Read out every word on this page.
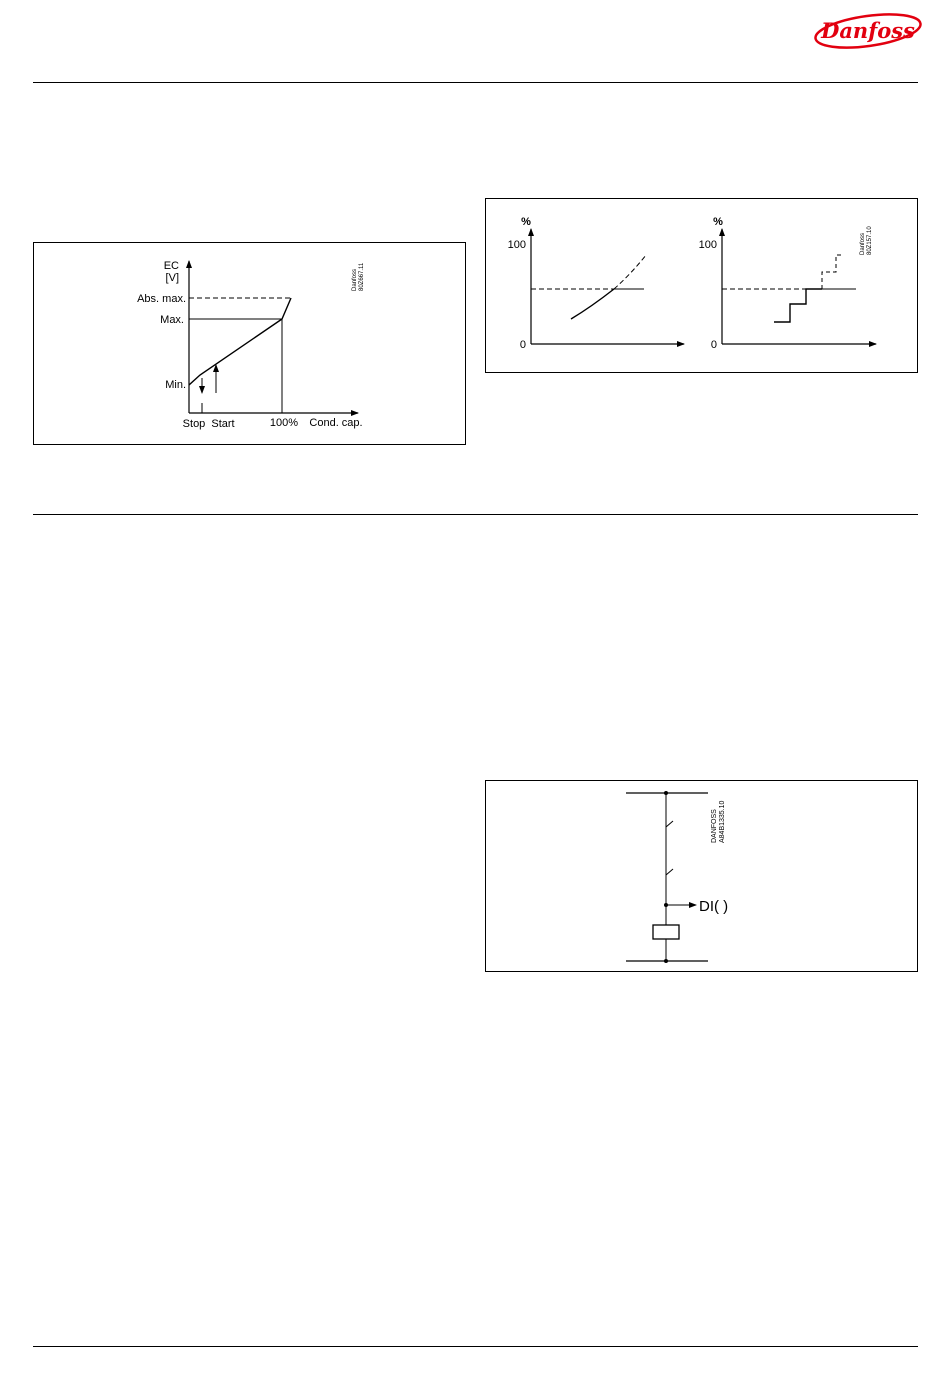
Danfoss
EC
[V]
Abs. max.
Max.
Min.
Stop Start	100% Cond. cap.
Danfoss 80Z667.11
%
100
0
%
100
0
Danfoss 80Z157.10
DI( )
DANFOSS A84B1335.10
